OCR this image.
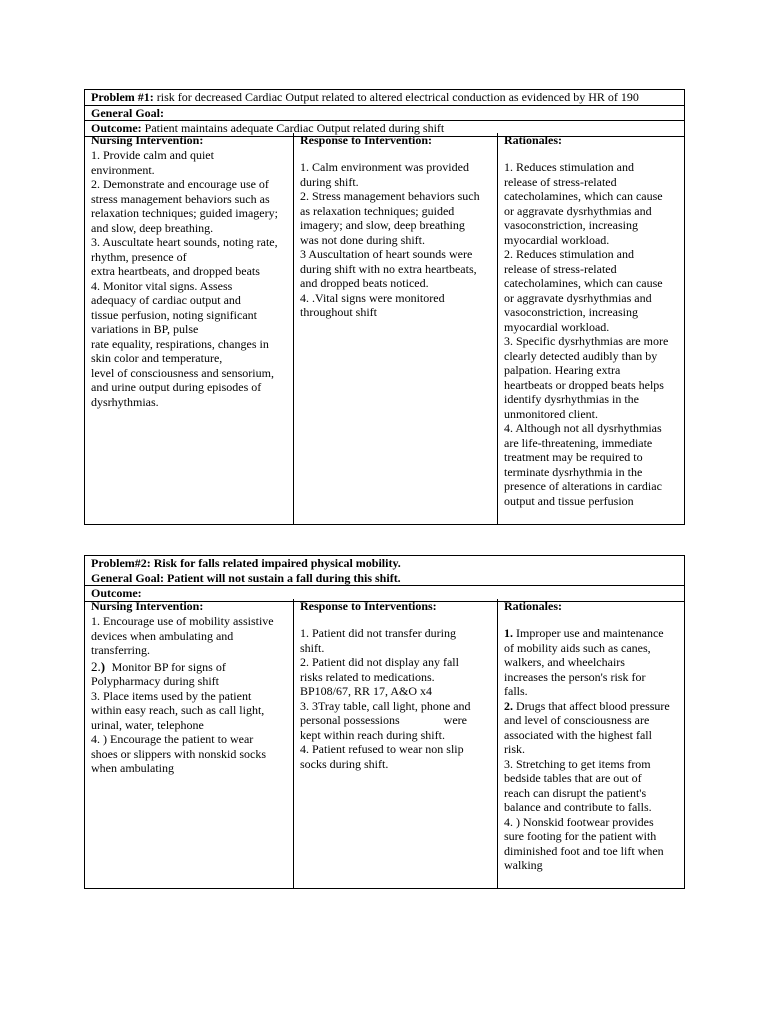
Problem #1: risk for decreased Cardiac Output related to altered electrical conduction as evidenced by HR of 190
General Goal:
Outcome: Patient maintains adequate Cardiac Output related during shift
Nursing Intervention:
1. Provide calm and quiet
environment.
2. Demonstrate and encourage use of
stress management behaviors such as
relaxation techniques; guided imagery;
and slow, deep breathing.
3. Auscultate heart sounds, noting rate,
rhythm, presence of
extra heartbeats, and dropped beats
4. Monitor vital signs. Assess
adequacy of cardiac output and
tissue perfusion, noting significant
variations in BP, pulse
rate equality, respirations, changes in
skin color and temperature,
level of consciousness and sensorium,
and urine output during episodes of
dysrhythmias.
Response to Intervention:
1. Calm environment was provided
during shift.
2. Stress management behaviors such
as relaxation techniques; guided
imagery; and slow, deep breathing
was not done during shift.
3 Auscultation of heart sounds were
during shift with no extra heartbeats,
and dropped beats noticed.
4. .Vital signs were monitored
throughout shift
Rationales:
1. Reduces stimulation and
release of stress-related
catecholamines, which can cause
or aggravate dysrhythmias and
vasoconstriction, increasing
myocardial workload.
2. Reduces stimulation and
release of stress-related
catecholamines, which can cause
or aggravate dysrhythmias and
vasoconstriction, increasing
myocardial workload.
3. Specific dysrhythmias are more
clearly detected audibly than by
palpation. Hearing extra
heartbeats or dropped beats helps
identify dysrhythmias in the
unmonitored client.
4. Although not all dysrhythmias
are life-threatening, immediate
treatment may be required to
terminate dysrhythmia in the
presence of alterations in cardiac
output and tissue perfusion
Problem#2: Risk for falls related impaired physical mobility.
General Goal: Patient will not sustain a fall during this shift.
Outcome:
Nursing Intervention:
1. Encourage use of mobility assistive
devices when ambulating and
transferring.
2.) Monitor BP for signs of
Polypharmacy during shift
3. Place items used by the patient
within easy reach, such as call light,
urinal, water, telephone
4. ) Encourage the patient to wear
shoes or slippers with nonskid socks
when ambulating
Response to Interventions:
1. Patient did not transfer during
shift.
2. Patient did not display any fall
risks related to medications.
BP108/67, RR 17, A&O x4
3. 3Tray table, call light, phone and
personal possessions	were
kept within reach during shift.
4. Patient refused to wear non slip
socks during shift.
Rationales:
1. Improper use and maintenance
of mobility aids such as canes,
walkers, and wheelchairs
increases the person's risk for
falls.
2. Drugs that affect blood pressure
and level of consciousness are
associated with the highest fall
risk.
3. Stretching to get items from
bedside tables that are out of
reach can disrupt the patient's
balance and contribute to falls.
4. ) Nonskid footwear provides
sure footing for the patient with
diminished foot and toe lift when
walking
